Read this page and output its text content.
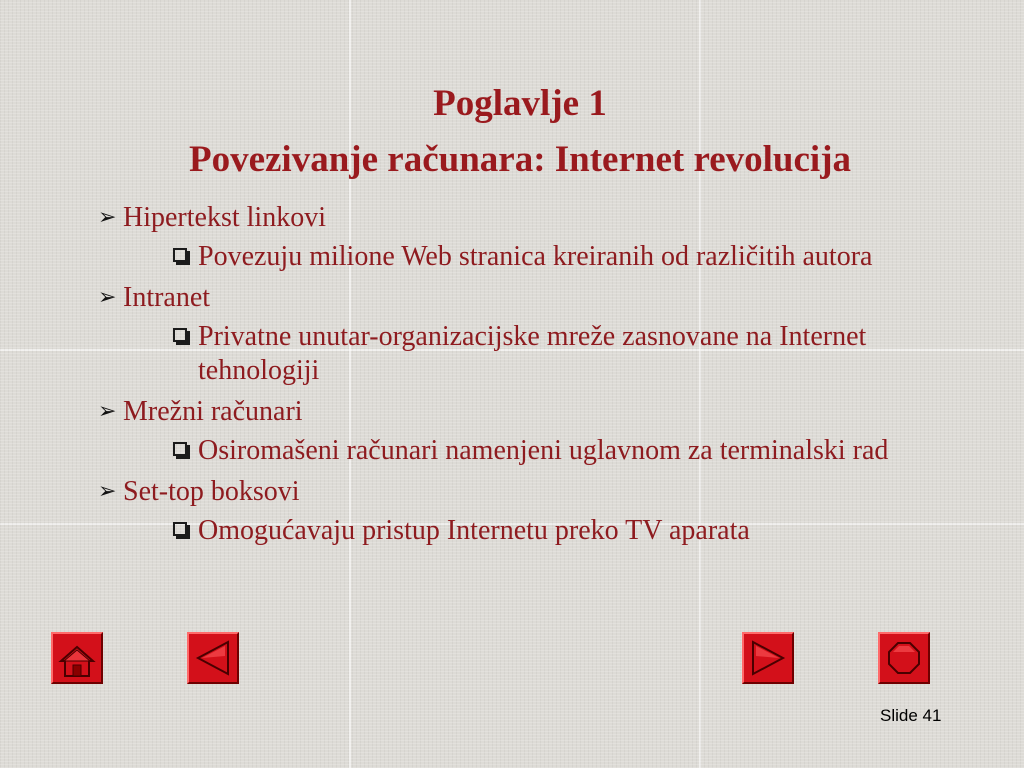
Poglavlje 1
Povezivanje računara: Internet revolucija
➢ Hipertekst linkovi
Povezuju milione Web stranica kreiranih od različitih autora
➢ Intranet
Privatne unutar-organizacijske mreže zasnovane na Internet tehnologiji
➢ Mrežni računari
Osiromašeni računari namenjeni uglavnom za terminalski rad
➢ Set-top boksovi
Omogućavaju pristup Internetu preko TV aparata
Slide 41
